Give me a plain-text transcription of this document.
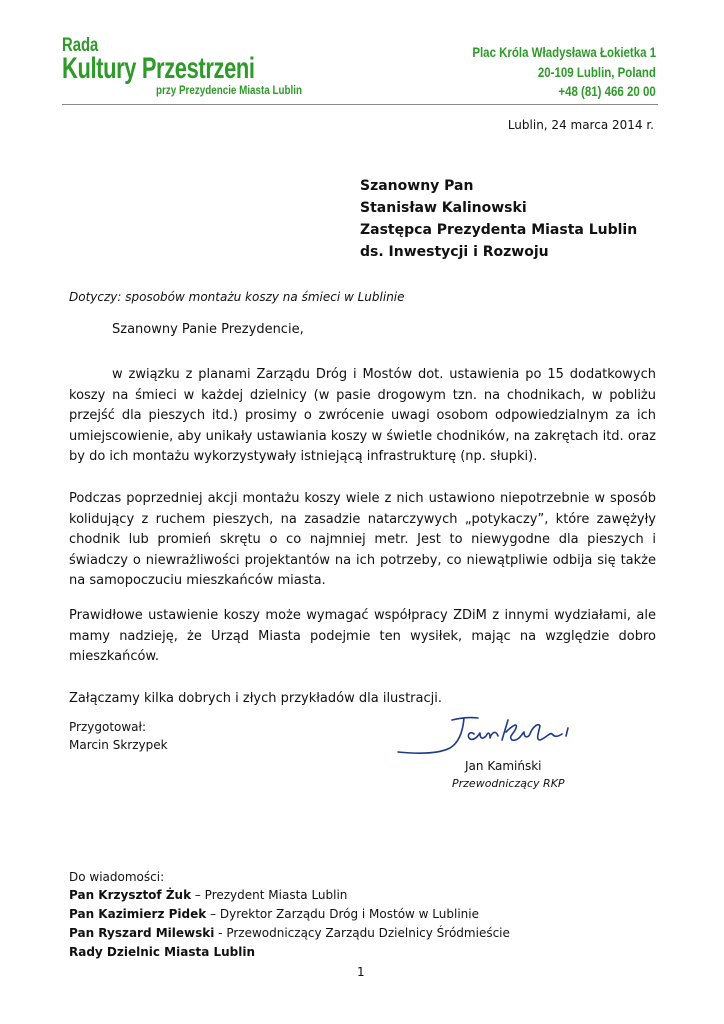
Rada
Kultury Przestrzeni
przy Prezydencie Miasta Lublin
Plac Króla Władysława Łokietka 1
20-109 Lublin, Poland
+48 (81) 466 20 00
Lublin, 24 marca 2014 r.
Szanowny Pan
Stanisław Kalinowski
Zastępca Prezydenta Miasta Lublin
ds. Inwestycji i Rozwoju
Dotyczy: sposobów montażu koszy na śmieci w Lublinie
Szanowny Panie Prezydencie,

w związku z planami Zarządu Dróg i Mostów dot. ustawienia po 15 dodatkowych koszy na śmieci w każdej dzielnicy (w pasie drogowym tzn. na chodnikach, w pobliżu przejść dla pieszych itd.) prosimy o zwrócenie uwagi osobom odpowiedzialnym za ich umiejscowienie, aby unikały ustawiania koszy w świetle chodników, na zakrętach itd. oraz by do ich montażu wykorzystywały istniejącą infrastrukturę (np. słupki).

Podczas poprzedniej akcji montażu koszy wiele z nich ustawiono niepotrzebnie w sposób kolidujący z ruchem pieszych, na zasadzie natarczywych „potykaczy”, które zawężyły chodnik lub promień skrętu o co najmniej metr. Jest to niewygodne dla pieszych i świadczy o niewrażliwości projektantów na ich potrzeby, co niewątpliwie odbija się także na samopoczuciu mieszkańców miasta.

Prawidłowe ustawienie koszy może wymagać współpracy ZDiM z innymi wydziałami, ale mamy nadzieję, że Urząd Miasta podejmie ten wysiłek, mając na względzie dobro mieszkańców.

Załączamy kilka dobrych i złych przykładów dla ilustracji.

Przygotował:
Marcin Skrzypek
Jan Kamiński
Przewodniczący RKP
Do wiadomości:
Pan Krzysztof Żuk – Prezydent Miasta Lublin
Pan Kazimierz Pidek – Dyrektor Zarządu Dróg i Mostów w Lublinie
Pan Ryszard Milewski - Przewodniczący Zarządu Dzielnicy Śródmieście
Rady Dzielnic Miasta Lublin
1
